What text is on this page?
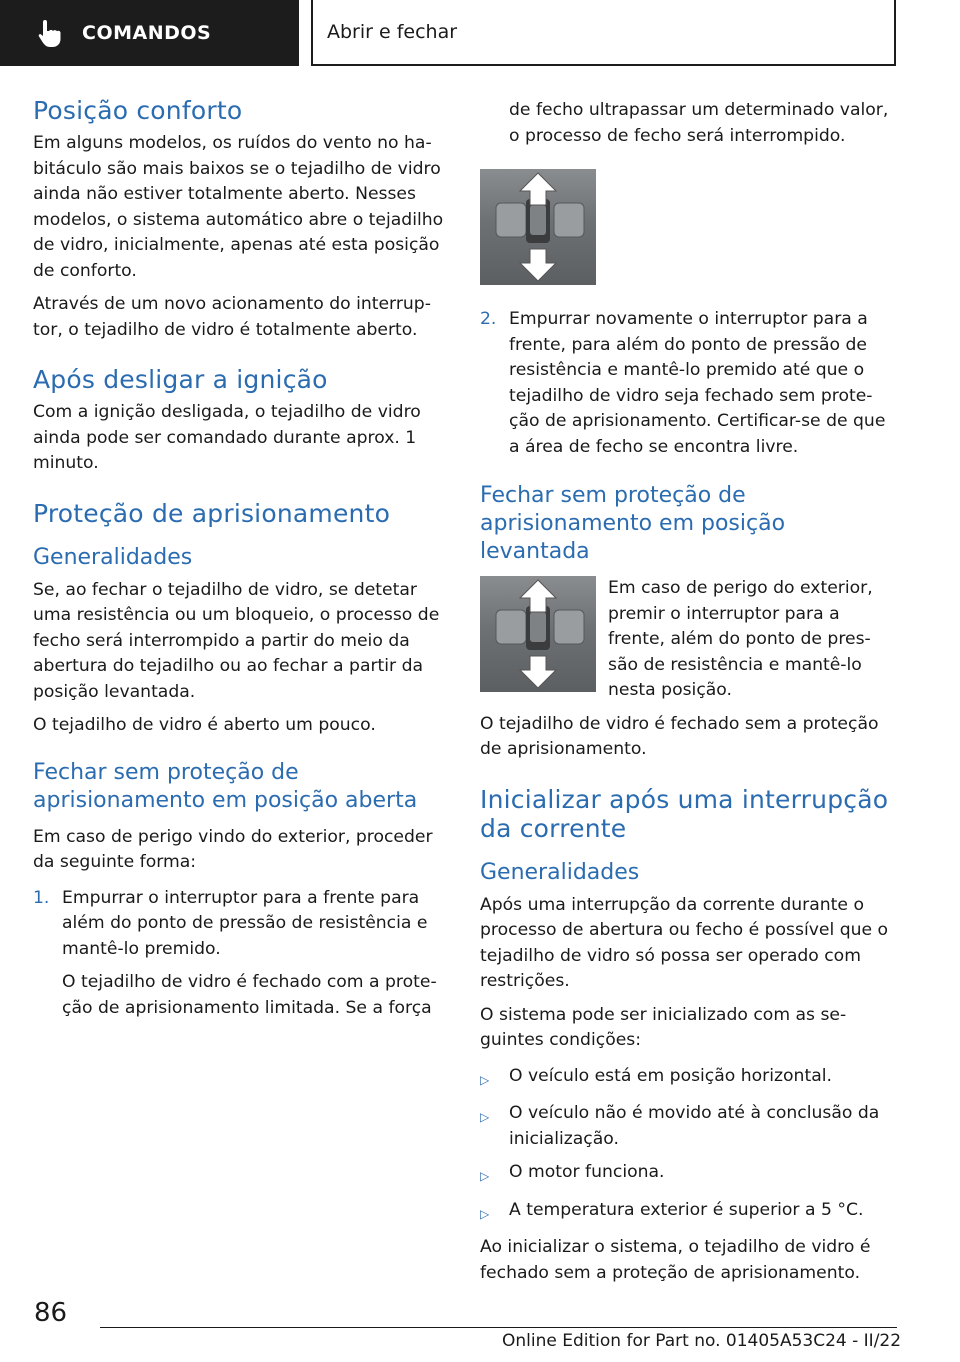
COMANDOS	Abrir e fechar
Posição conforto

Em alguns modelos, os ruídos do vento no habitáculo são mais baixos se o tejadilho de vidro ainda não estiver totalmente aberto. Nesses modelos, o sistema automático abre o tejadilho de vidro, inicialmente, apenas até esta posição de conforto.

Através de um novo acionamento do interruptor, o tejadilho de vidro é totalmente aberto.

Após desligar a ignição

Com a ignição desligada, o tejadilho de vidro ainda pode ser comandado durante aprox. 1 minuto.

Proteção de aprisionamento
Generalidades

Se, ao fechar o tejadilho de vidro, se detetar uma resistência ou um bloqueio, o processo de fecho será interrompido a partir do meio da abertura do tejadilho ou ao fechar a partir da posição levantada.

O tejadilho de vidro é aberto um pouco.

Fechar sem proteção de aprisionamento em posição aberta

Em caso de perigo vindo do exterior, proceder da seguinte forma:

1. Empurrar o interruptor para a frente para além do ponto de pressão de resistência e mantê-lo premido.

O tejadilho de vidro é fechado com a proteção de aprisionamento limitada. Se a força

de fecho ultrapassar um determinado valor, o processo de fecho será interrompido.

2. Empurrar novamente o interruptor para a frente, para além do ponto de pressão de resistência e mantê-lo premido até que o tejadilho de vidro seja fechado sem proteção de aprisionamento. Certificar-se de que a área de fecho se encontra livre.
Fechar sem proteção de aprisionamento em posição levantada

Em caso de perigo do exterior, premir o interruptor para a frente, além do ponto de pressão de resistência e mantê-lo nesta posição.

O tejadilho de vidro é fechado sem a proteção de aprisionamento.

Inicializar após uma interrupção da corrente
Generalidades

Após uma interrupção da corrente durante o processo de abertura ou fecho é possível que o tejadilho de vidro só possa ser operado com restrições.

O sistema pode ser inicializado com as seguintes condições:

▷	O veículo está em posição horizontal.
▷	O veículo não é movido até à conclusão da inicialização.
▷	O motor funciona.
▷	A temperatura exterior é superior a 5 °C.

Ao inicializar o sistema, o tejadilho de vidro é fechado sem a proteção de aprisionamento.

86
Online Edition for Part no. 01405A53C24 - II/22
